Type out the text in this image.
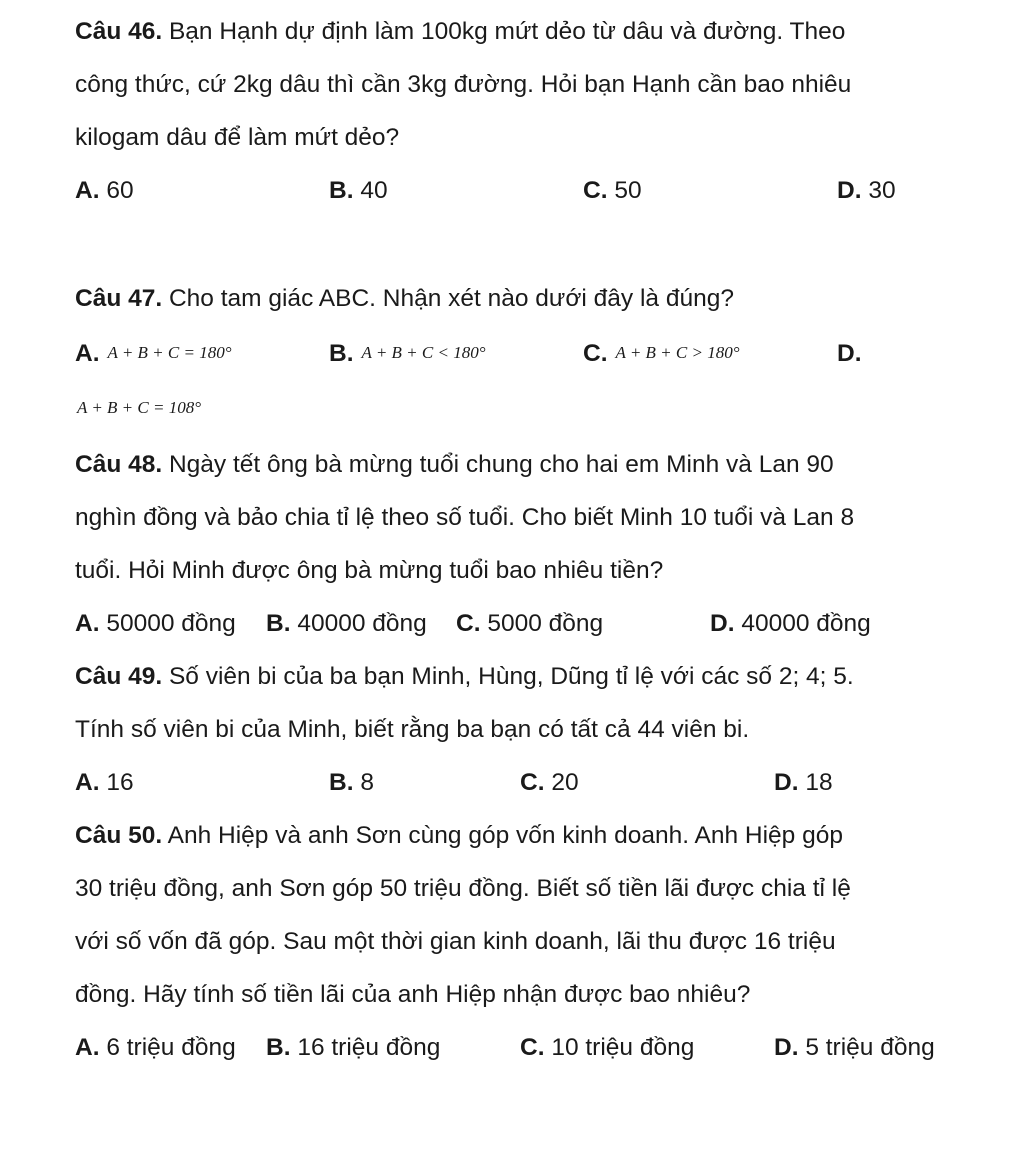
Câu 46. Bạn Hạnh dự định làm 100kg mứt dẻo từ dâu và đường. Theo
công thức, cứ 2kg dâu thì cần 3kg đường. Hỏi bạn Hạnh cần bao nhiêu
kilogam dâu để làm mứt dẻo?
A. 60	B. 40	C. 50	D. 30
Câu 47. Cho tam giác ABC. Nhận xét nào dưới đây là đúng?
A. A + B + C = 180°	B. A + B + C < 180°	C. A + B + C > 180°	D.
A + B + C = 108°
Câu 48. Ngày tết ông bà mừng tuổi chung cho hai em Minh và Lan 90
nghìn đồng và bảo chia tỉ lệ theo số tuổi. Cho biết Minh 10 tuổi và Lan 8
tuổi. Hỏi Minh được ông bà mừng tuổi bao nhiêu tiền?
A. 50000 đồng B. 40000 đồng C. 5000 đồng	D. 40000 đồng
Câu 49. Số viên bi của ba bạn Minh, Hùng, Dũng tỉ lệ với các số 2; 4; 5.
Tính số viên bi của Minh, biết rằng ba bạn có tất cả 44 viên bi.
A. 16	B. 8	C. 20	D. 18
Câu 50. Anh Hiệp và anh Sơn cùng góp vốn kinh doanh. Anh Hiệp góp
30 triệu đồng, anh Sơn góp 50 triệu đồng. Biết số tiền lãi được chia tỉ lệ
với số vốn đã góp. Sau một thời gian kinh doanh, lãi thu được 16 triệu
đồng. Hãy tính số tiền lãi của anh Hiệp nhận được bao nhiêu?
A. 6 triệu đồng B. 16 triệu đồng	C. 10 triệu đồng	D. 5 triệu đồng
